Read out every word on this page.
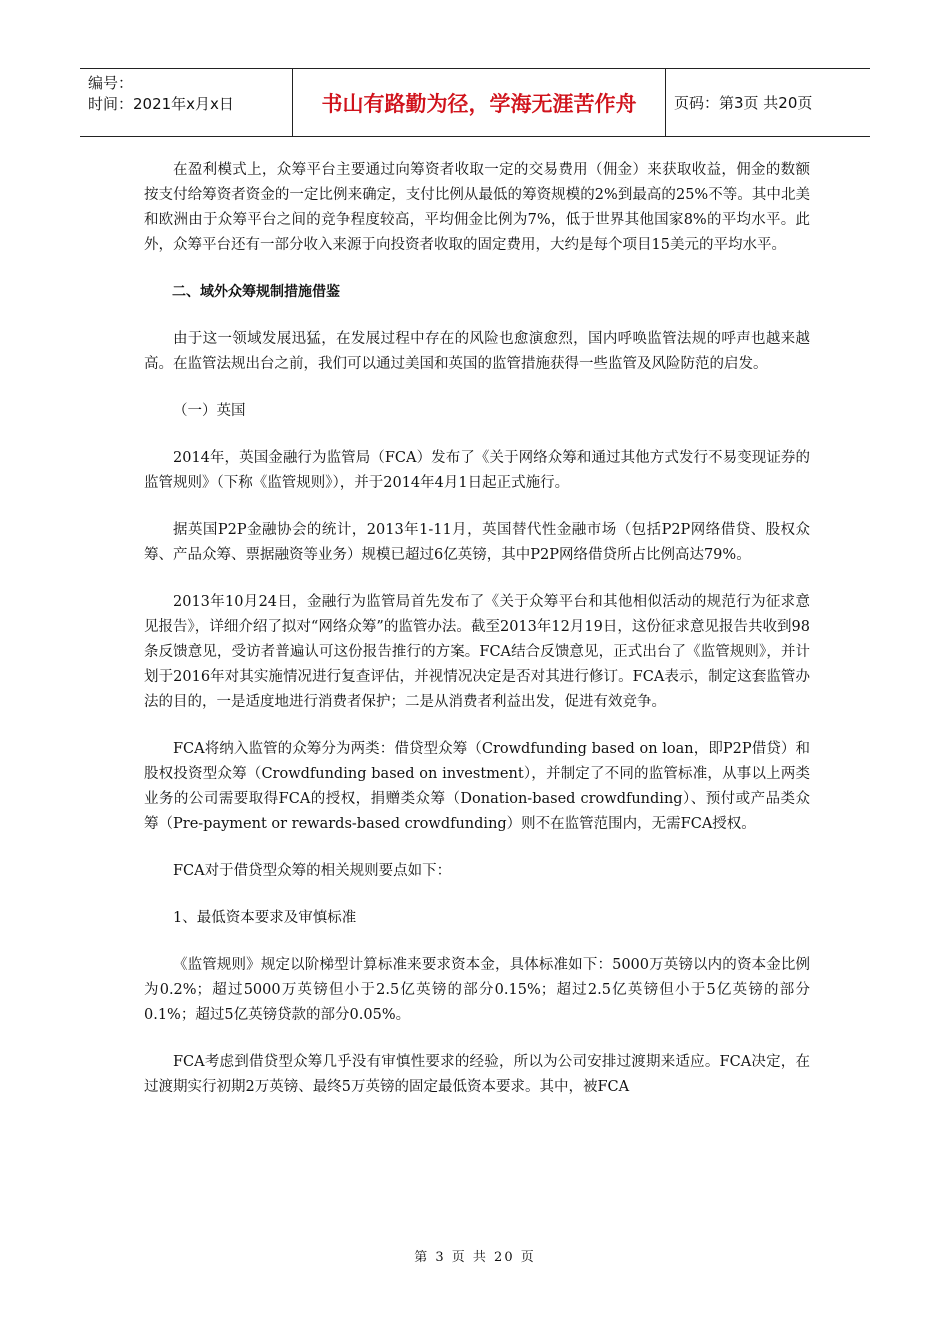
编号：
时间：2021年x月x日	书山有路勤为径，学海无涯苦作舟	页码：第3页 共20页

在盈利模式上，众筹平台主要通过向筹资者收取一定的交易费用（佣金）来获取收益，佣金的数额按支付给筹资者资金的一定比例来确定，支付比例从最低的筹资规模的2%到最高的25%不等。其中北美和欧洲由于众筹平台之间的竞争程度较高，平均佣金比例为7%，低于世界其他国家8%的平均水平。此外，众筹平台还有一部分收入来源于向投资者收取的固定费用，大约是每个项目15美元的平均水平。

二、域外众筹规制措施借鉴

由于这一领域发展迅猛，在发展过程中存在的风险也愈演愈烈，国内呼唤监管法规的呼声也越来越高。在监管法规出台之前，我们可以通过美国和英国的监管措施获得一些监管及风险防范的启发。

（一）英国

2014年，英国金融行为监管局（FCA）发布了《关于网络众筹和通过其他方式发行不易变现证券的监管规则》（下称《监管规则》），并于2014年4月1日起正式施行。

据英国P2P金融协会的统计，2013年1-11月，英国替代性金融市场（包括P2P网络借贷、股权众筹、产品众筹、票据融资等业务）规模已超过6亿英镑，其中P2P网络借贷所占比例高达79%。

2013年10月24日，金融行为监管局首先发布了《关于众筹平台和其他相似活动的规范行为征求意见报告》，详细介绍了拟对“网络众筹”的监管办法。截至2013年12月19日，这份征求意见报告共收到98条反馈意见，受访者普遍认可这份报告推行的方案。FCA结合反馈意见，正式出台了《监管规则》，并计划于2016年对其实施情况进行复查评估，并视情况决定是否对其进行修订。FCA表示，制定这套监管办法的目的，一是适度地进行消费者保护；二是从消费者利益出发，促进有效竞争。

FCA将纳入监管的众筹分为两类：借贷型众筹（Crowdfunding based on loan，即P2P借贷）和股权投资型众筹（Crowdfunding based on investment），并制定了不同的监管标准，从事以上两类业务的公司需要取得FCA的授权，捐赠类众筹（Donation-based crowdfunding）、预付或产品类众筹（Pre-payment or rewards-based crowdfunding）则不在监管范围内，无需FCA授权。

FCA对于借贷型众筹的相关规则要点如下：

1、最低资本要求及审慎标准

《监管规则》规定以阶梯型计算标准来要求资本金，具体标准如下：5000万英镑以内的资本金比例为0.2%；超过5000万英镑但小于2.5亿英镑的部分0.15%；超过2.5亿英镑但小于5亿英镑的部分0.1%；超过5亿英镑贷款的部分0.05%。

FCA考虑到借贷型众筹几乎没有审慎性要求的经验，所以为公司安排过渡期来适应。FCA决定，在过渡期实行初期2万英镑、最终5万英镑的固定最低资本要求。其中，被FCA

第 3 页 共 20 页
